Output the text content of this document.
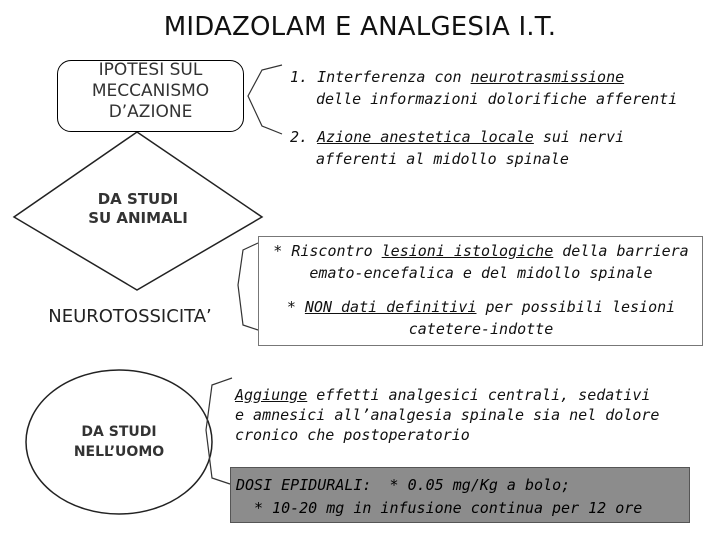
MIDAZOLAM E ANALGESIA I.T.
IPOTESI SUL
MECCANISMO
D’AZIONE
1. Interferenza con neurotrasmissione
delle informazioni dolorifiche afferenti
2. Azione anestetica locale sui nervi
afferenti al midollo spinale
DA STUDI
SU ANIMALI
NEUROTOSSICITA’
* Riscontro lesioni istologiche della barriera
emato-encefalica e del midollo spinale
* NON dati definitivi per possibili lesioni
catetere-indotte
DA STUDI
NELL’UOMO
Aggiunge effetti analgesici centrali, sedativi
e amnesici all’analgesia spinale sia nel dolore
cronico che postoperatorio
DOSI EPIDURALI:  * 0.05 mg/Kg a bolo;
* 10-20 mg in infusione continua per 12 ore
